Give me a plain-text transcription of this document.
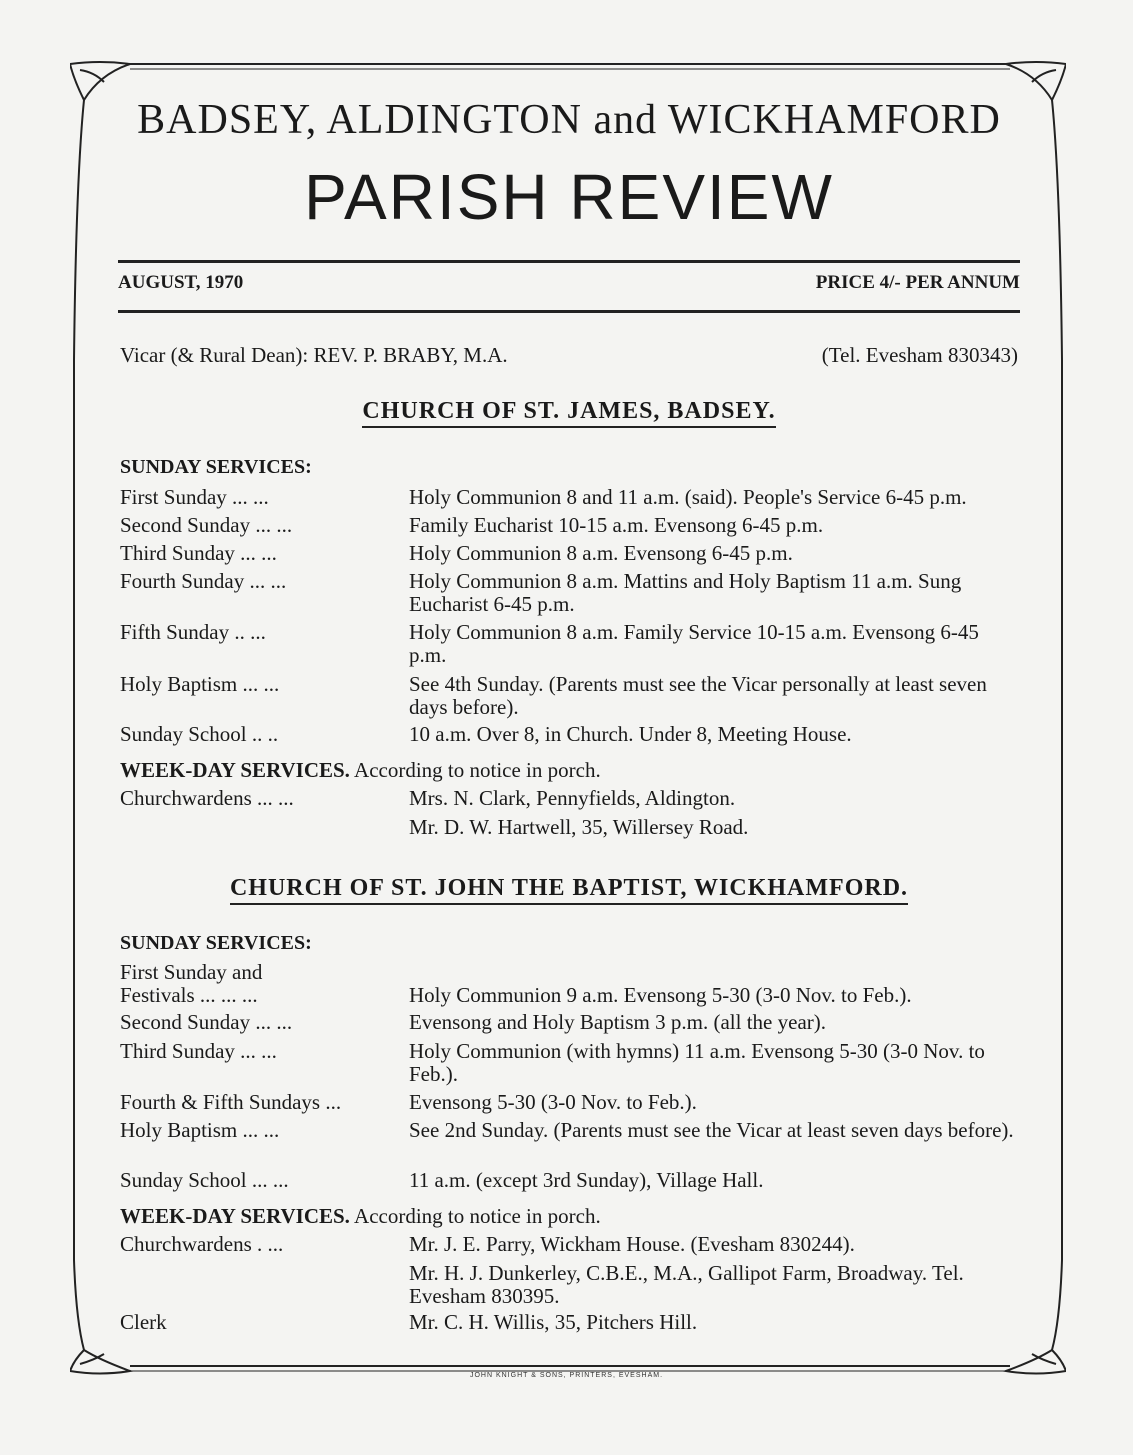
BADSEY, ALDINGTON and WICKHAMFORD
PARISH REVIEW
AUGUST, 1970	PRICE 4/- PER ANNUM
Vicar (& Rural Dean): REV. P. BRABY, M.A.	(Tel. Evesham 830343)
CHURCH OF ST. JAMES, BADSEY.
SUNDAY SERVICES:
First Sunday ... ...	Holy Communion 8 and 11 a.m. (said). People's Service 6-45 p.m.
Second Sunday ... ...	Family Eucharist 10-15 a.m. Evensong 6-45 p.m.
Third Sunday ... ...	Holy Communion 8 a.m. Evensong 6-45 p.m.
Fourth Sunday ... ...	Holy Communion 8 a.m. Mattins and Holy Baptism 11 a.m. Sung Eucharist 6-45 p.m.
Fifth Sunday .. ...	Holy Communion 8 a.m. Family Service 10-15 a.m. Evensong 6-45 p.m.
Holy Baptism ... ...	See 4th Sunday. (Parents must see the Vicar personally at least seven days before).
Sunday School .. ..	10 a.m. Over 8, in Church. Under 8, Meeting House.
WEEK-DAY SERVICES. According to notice in porch.
Churchwardens ... ...	Mrs. N. Clark, Pennyfields, Aldington.
Mr. D. W. Hartwell, 35, Willersey Road.
CHURCH OF ST. JOHN THE BAPTIST, WICKHAMFORD.
SUNDAY SERVICES:
First Sunday and
Festivals ... ... ...	Holy Communion 9 a.m. Evensong 5-30 (3-0 Nov. to Feb.).
Second Sunday ... ...	Evensong and Holy Baptism 3 p.m. (all the year).
Third Sunday ... ...	Holy Communion (with hymns) 11 a.m. Evensong 5-30 (3-0 Nov. to Feb.).
Fourth & Fifth Sundays ...	Evensong 5-30 (3-0 Nov. to Feb.).
Holy Baptism ... ...	See 2nd Sunday. (Parents must see the Vicar at least seven days before).
Sunday School ... ...	11 a.m. (except 3rd Sunday), Village Hall.
WEEK-DAY SERVICES. According to notice in porch.
Churchwardens . ...	Mr. J. E. Parry, Wickham House. (Evesham 830244).
Mr. H. J. Dunkerley, C.B.E., M.A., Gallipot Farm, Broadway. Tel. Evesham 830395.
Clerk	Mr. C. H. Willis, 35, Pitchers Hill.
JOHN KNIGHT & SONS, PRINTERS, EVESHAM.
